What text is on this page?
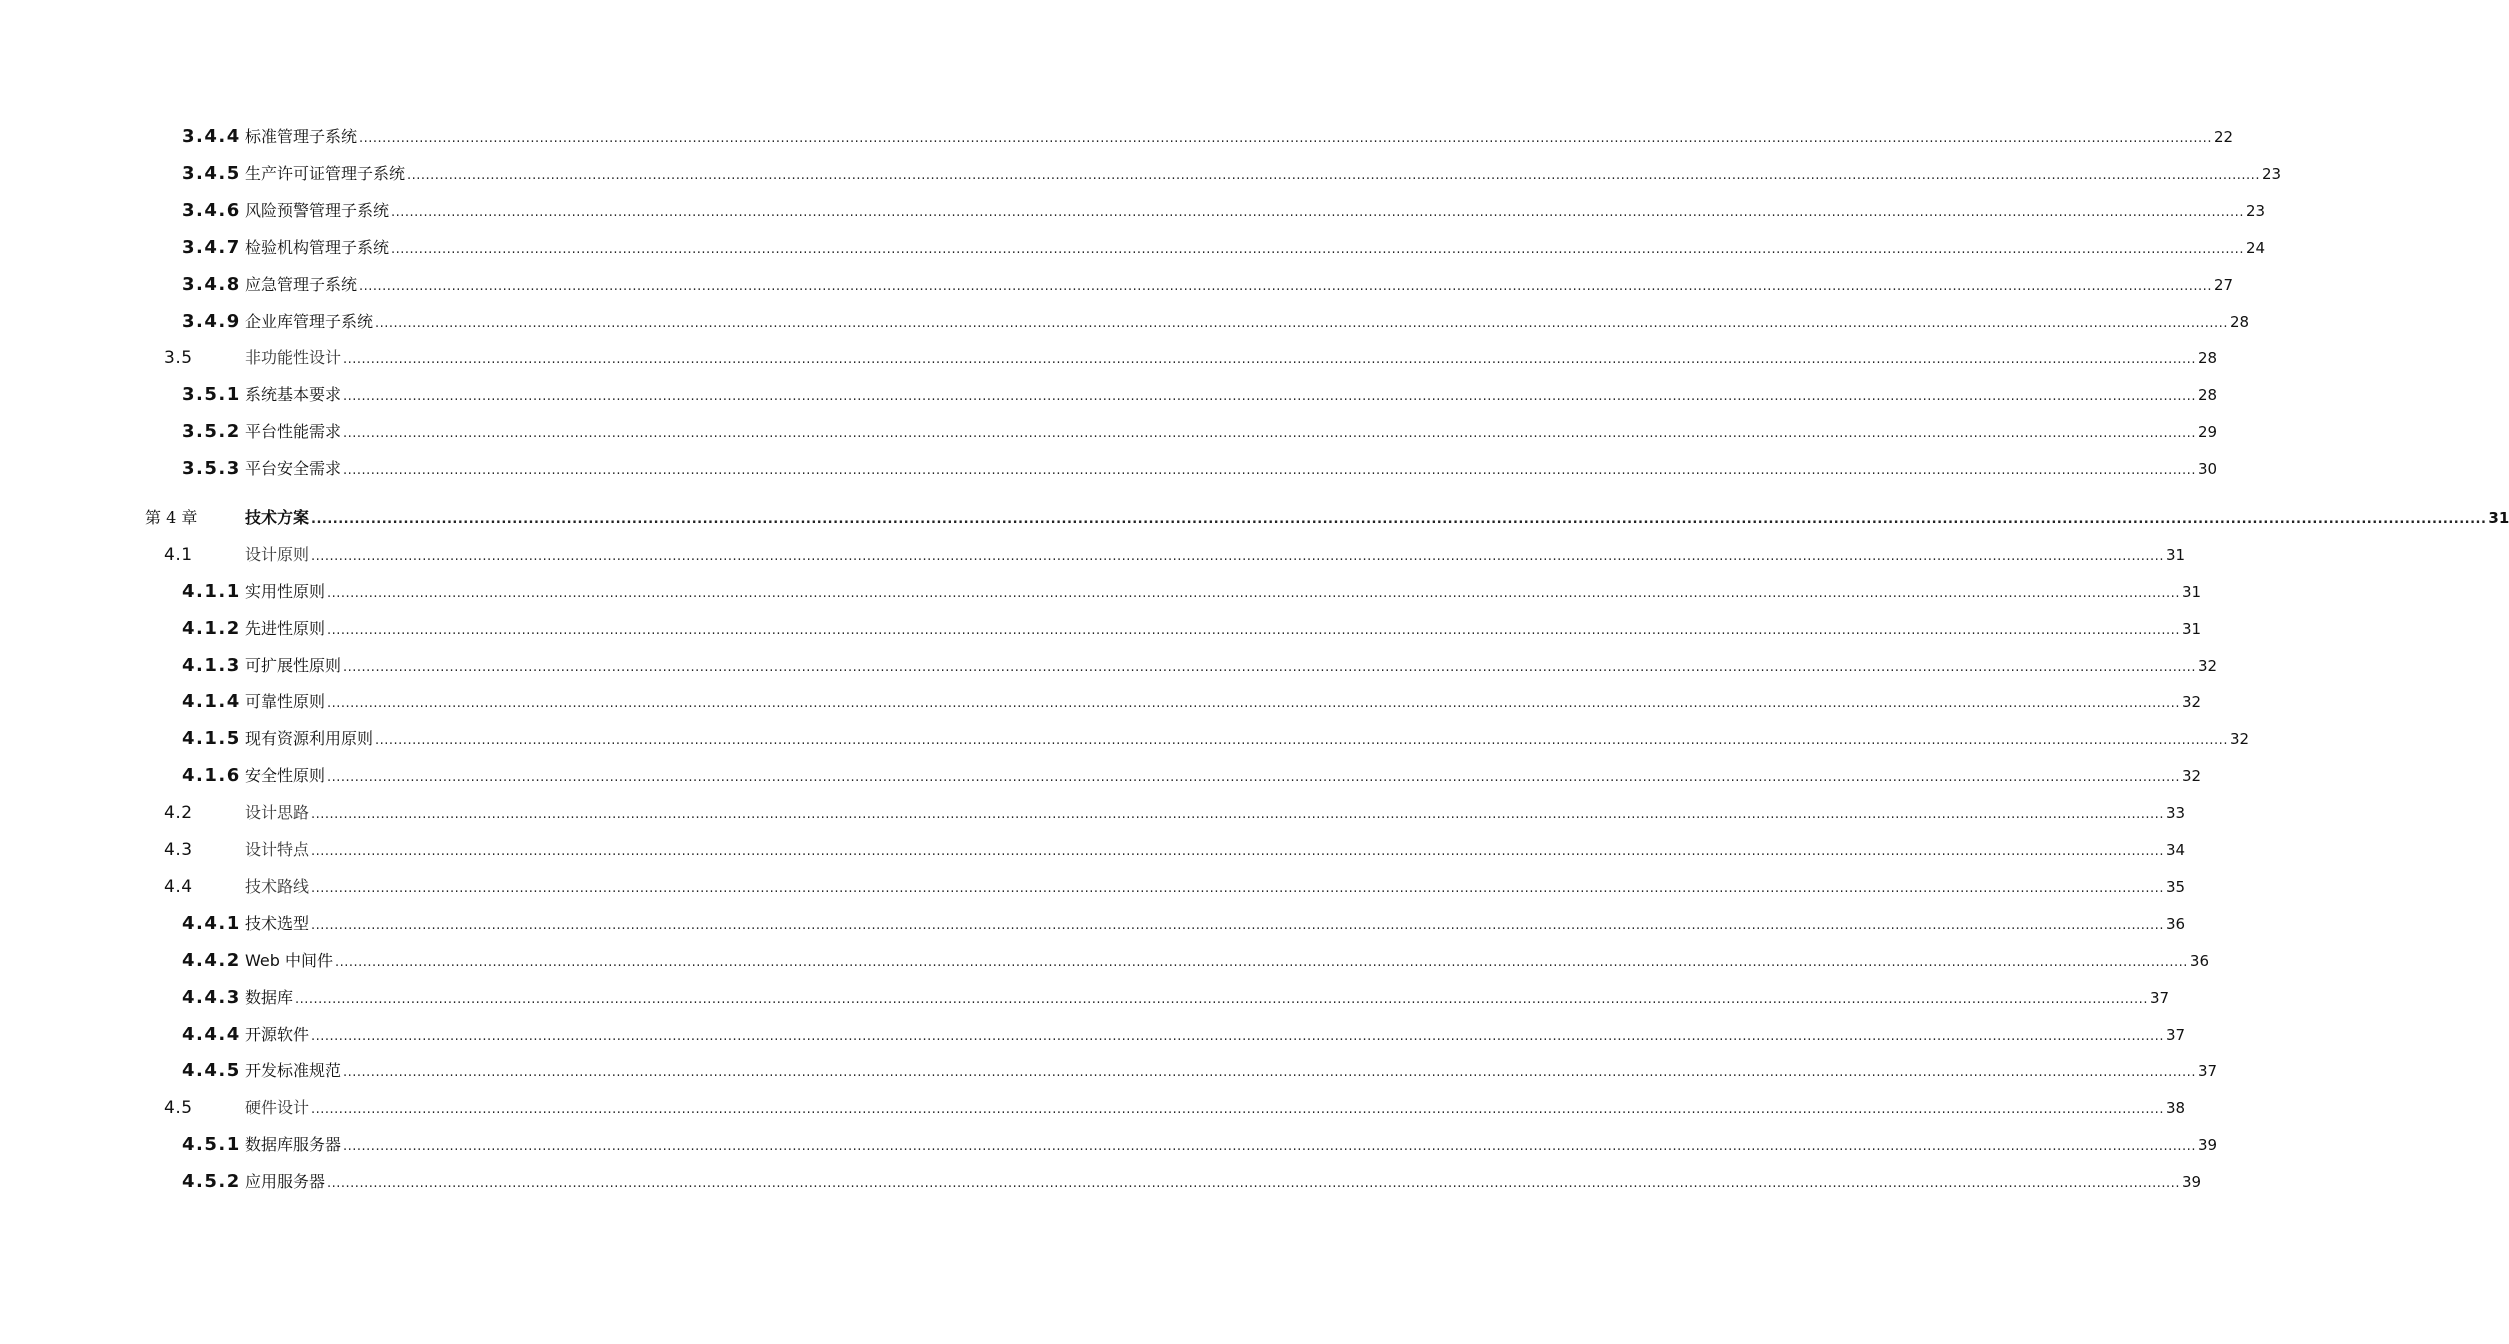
3.4.4 标准管理子系统 ................................................................................................................................................................................................................................................................................................................................................................................................................ 22
3.4.5 生产许可证管理子系统 ................................................................................................................................................................................................................................................................................................................................................................................................................ 23
3.4.6 风险预警管理子系统 ................................................................................................................................................................................................................................................................................................................................................................................................................ 23
3.4.7 检验机构管理子系统 ................................................................................................................................................................................................................................................................................................................................................................................................................ 24
3.4.8 应急管理子系统 ................................................................................................................................................................................................................................................................................................................................................................................................................ 27
3.4.9 企业库管理子系统 ................................................................................................................................................................................................................................................................................................................................................................................................................ 28
3.5	非功能性设计 ................................................................................................................................................................................................................................................................................................................................................................................................................ 28
3.5.1 系统基本要求 ................................................................................................................................................................................................................................................................................................................................................................................................................ 28
3.5.2 平台性能需求 ................................................................................................................................................................................................................................................................................................................................................................................................................ 29
3.5.3 平台安全需求 ................................................................................................................................................................................................................................................................................................................................................................................................................ 30
第 4 章	技术方案 ................................................................................................................................................................................................................................................................................................................................................................................................................ 31
4.1	设计原则 ................................................................................................................................................................................................................................................................................................................................................................................................................ 31
4.1.1 实用性原则 ................................................................................................................................................................................................................................................................................................................................................................................................................ 31
4.1.2 先进性原则 ................................................................................................................................................................................................................................................................................................................................................................................................................ 31
4.1.3 可扩展性原则 ................................................................................................................................................................................................................................................................................................................................................................................................................ 32
4.1.4 可靠性原则 ................................................................................................................................................................................................................................................................................................................................................................................................................ 32
4.1.5 现有资源利用原则 ................................................................................................................................................................................................................................................................................................................................................................................................................ 32
4.1.6 安全性原则 ................................................................................................................................................................................................................................................................................................................................................................................................................ 32
4.2	设计思路 ................................................................................................................................................................................................................................................................................................................................................................................................................ 33
4.3	设计特点 ................................................................................................................................................................................................................................................................................................................................................................................................................ 34
4.4	技术路线 ................................................................................................................................................................................................................................................................................................................................................................................................................ 35
4.4.1 技术选型 ................................................................................................................................................................................................................................................................................................................................................................................................................ 36
4.4.2 Web 中间件 ................................................................................................................................................................................................................................................................................................................................................................................................................ 36
4.4.3 数据库 ................................................................................................................................................................................................................................................................................................................................................................................................................ 37
4.4.4 开源软件 ................................................................................................................................................................................................................................................................................................................................................................................................................ 37
4.4.5 开发标准规范 ................................................................................................................................................................................................................................................................................................................................................................................................................ 37
4.5	硬件设计 ................................................................................................................................................................................................................................................................................................................................................................................................................ 38
4.5.1 数据库服务器 ................................................................................................................................................................................................................................................................................................................................................................................................................ 39
4.5.2 应用服务器 ................................................................................................................................................................................................................................................................................................................................................................................................................ 39
